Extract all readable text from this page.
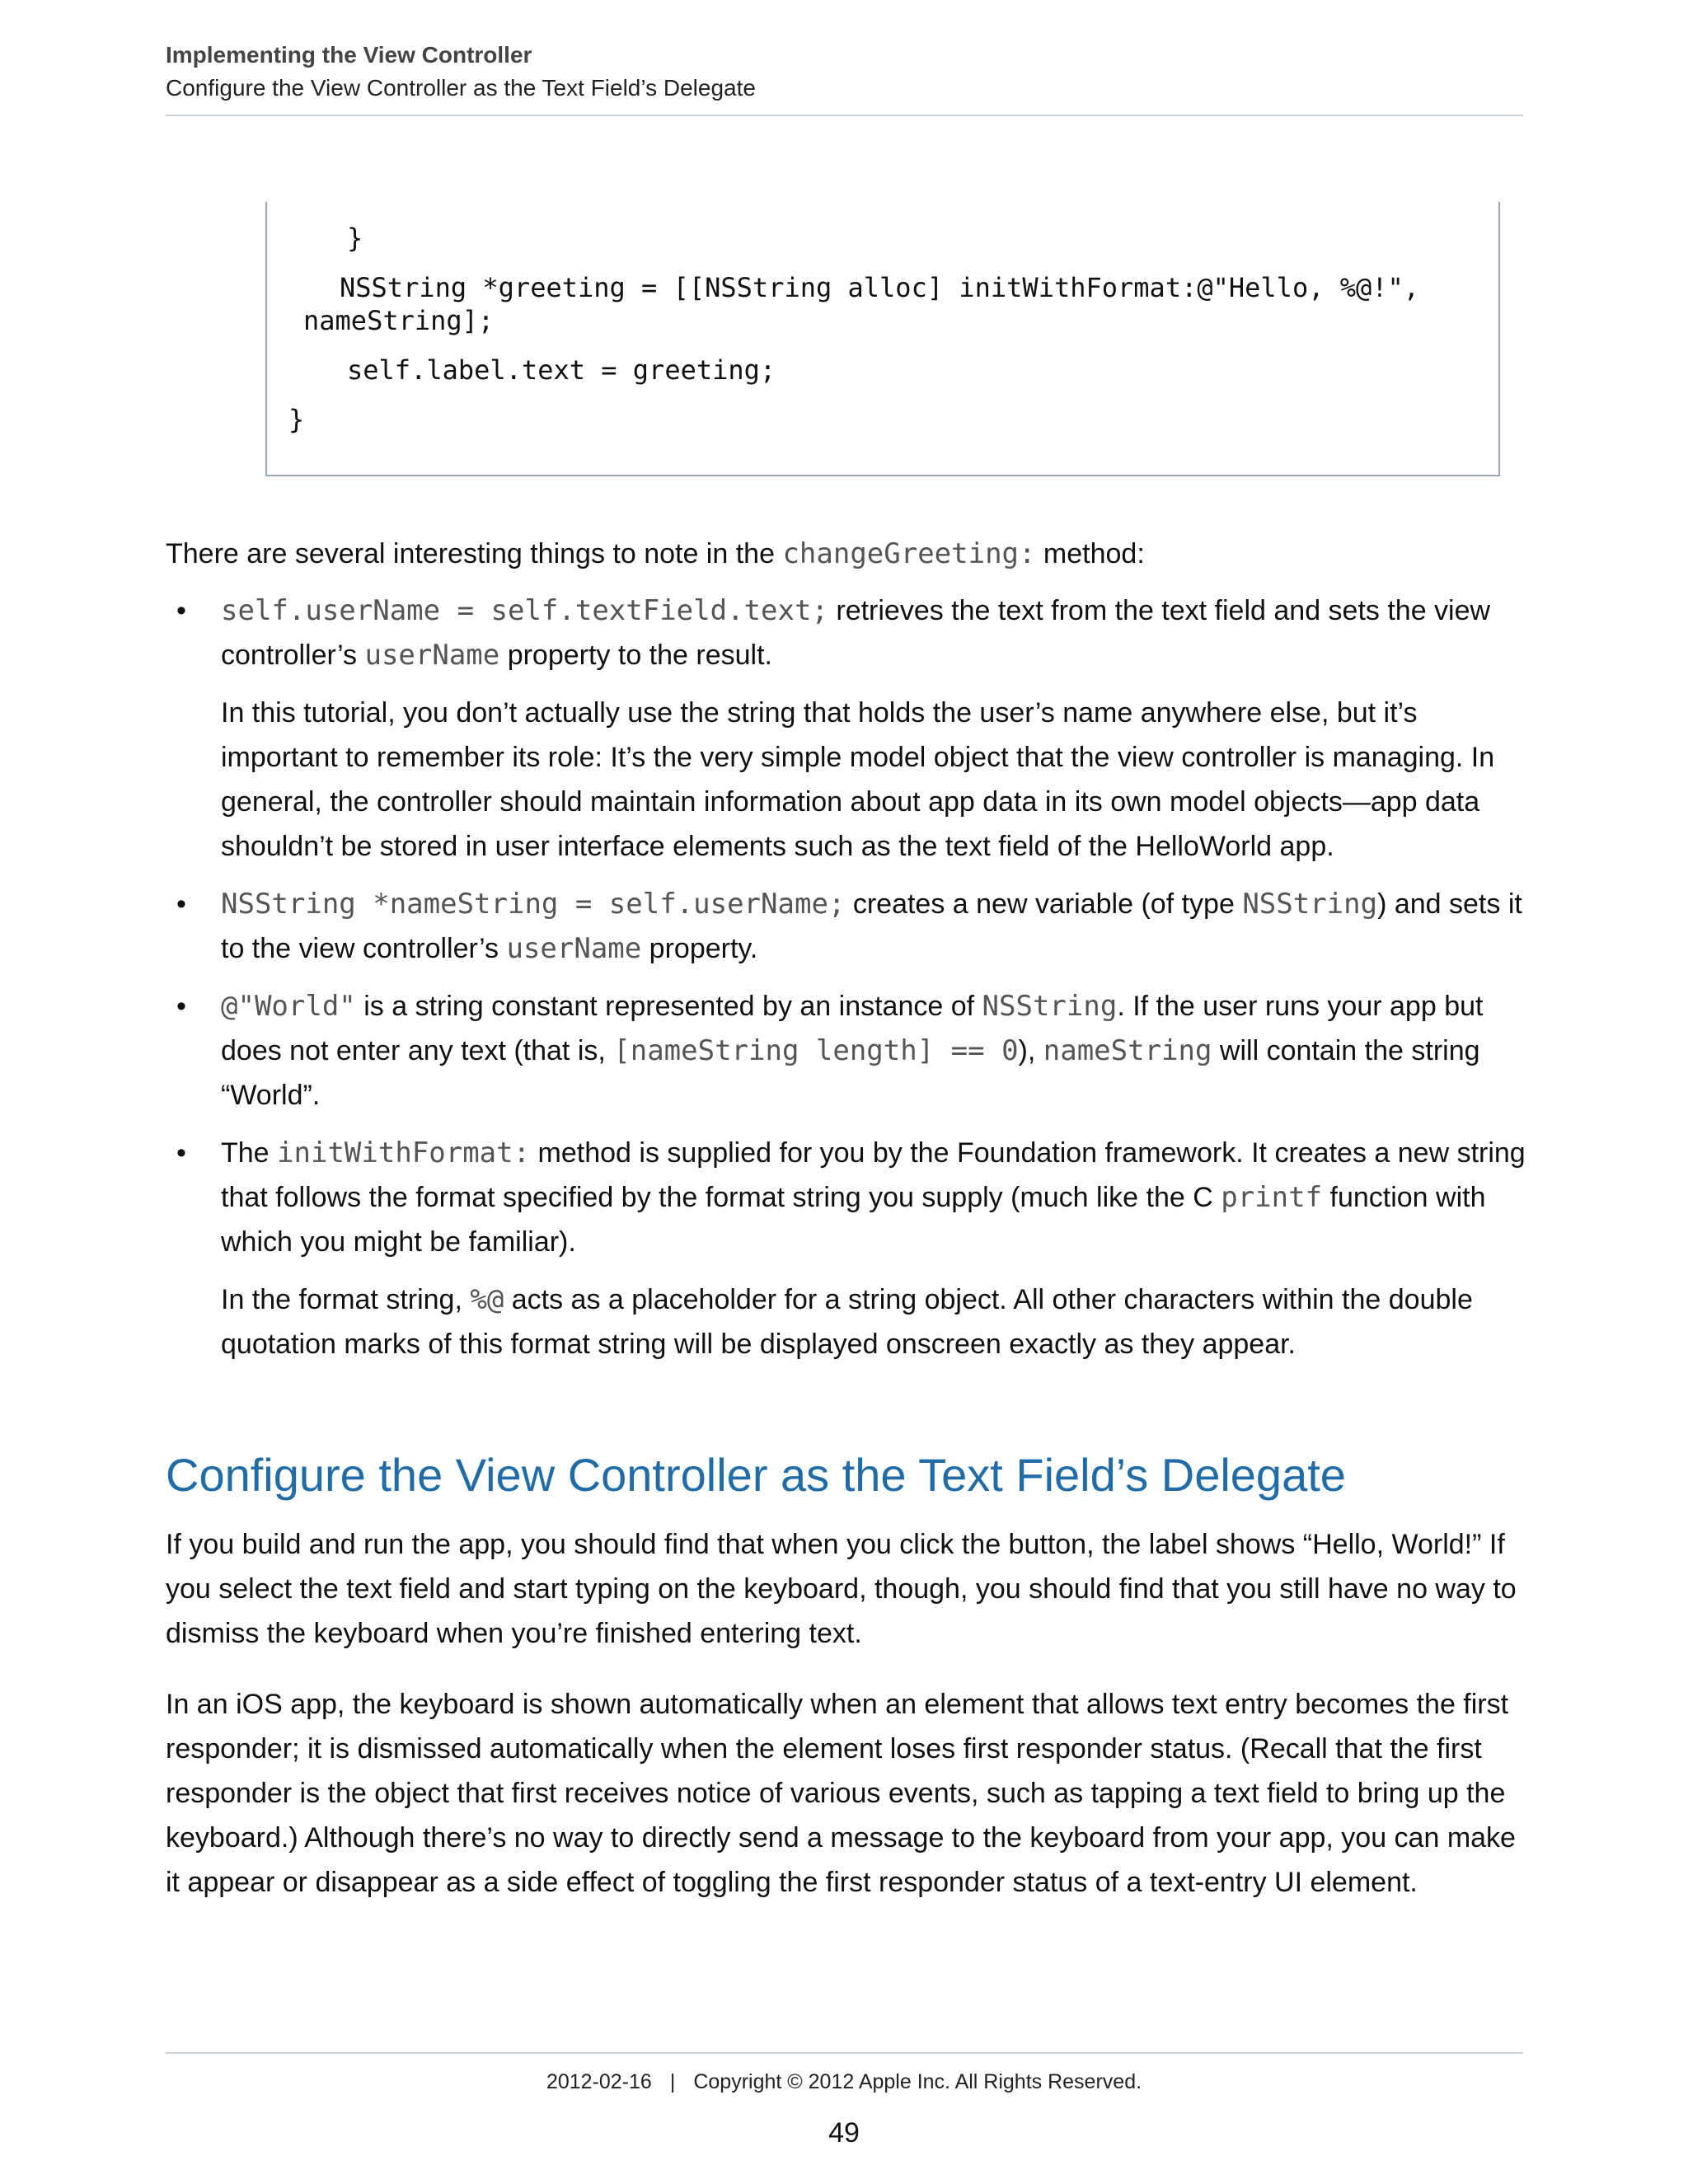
Implementing the View Controller
Configure the View Controller as the Text Field’s Delegate
}
NSString *greeting = [[NSString alloc] initWithFormat:@"Hello, %@!",
nameString];
self.label.text = greeting;
}

There are several interesting things to note in the changeGreeting: method:

• self.userName = self.textField.text; retrieves the text from the text field and sets the view controller’s userName property to the result.

In this tutorial, you don’t actually use the string that holds the user’s name anywhere else, but it’s important to remember its role: It’s the very simple model object that the view controller is managing. In general, the controller should maintain information about app data in its own model objects—app data shouldn’t be stored in user interface elements such as the text field of the HelloWorld app.

• NSString *nameString = self.userName; creates a new variable (of type NSString) and sets it to the view controller’s userName property.

• @"World" is a string constant represented by an instance of NSString. If the user runs your app but does not enter any text (that is, [nameString length] == 0), nameString will contain the string “World”.

• The initWithFormat: method is supplied for you by the Foundation framework. It creates a new string that follows the format specified by the format string you supply (much like the C printf function with which you might be familiar).

In the format string, %@ acts as a placeholder for a string object. All other characters within the double quotation marks of this format string will be displayed onscreen exactly as they appear.

Configure the View Controller as the Text Field’s Delegate

If you build and run the app, you should find that when you click the button, the label shows “Hello, World!” If you select the text field and start typing on the keyboard, though, you should find that you still have no way to dismiss the keyboard when you’re finished entering text.

In an iOS app, the keyboard is shown automatically when an element that allows text entry becomes the first responder; it is dismissed automatically when the element loses first responder status. (Recall that the first responder is the object that first receives notice of various events, such as tapping a text field to bring up the keyboard.) Although there’s no way to directly send a message to the keyboard from your app, you can make it appear or disappear as a side effect of toggling the first responder status of a text-entry UI element.

2012-02-16 | Copyright © 2012 Apple Inc. All Rights Reserved.
49
